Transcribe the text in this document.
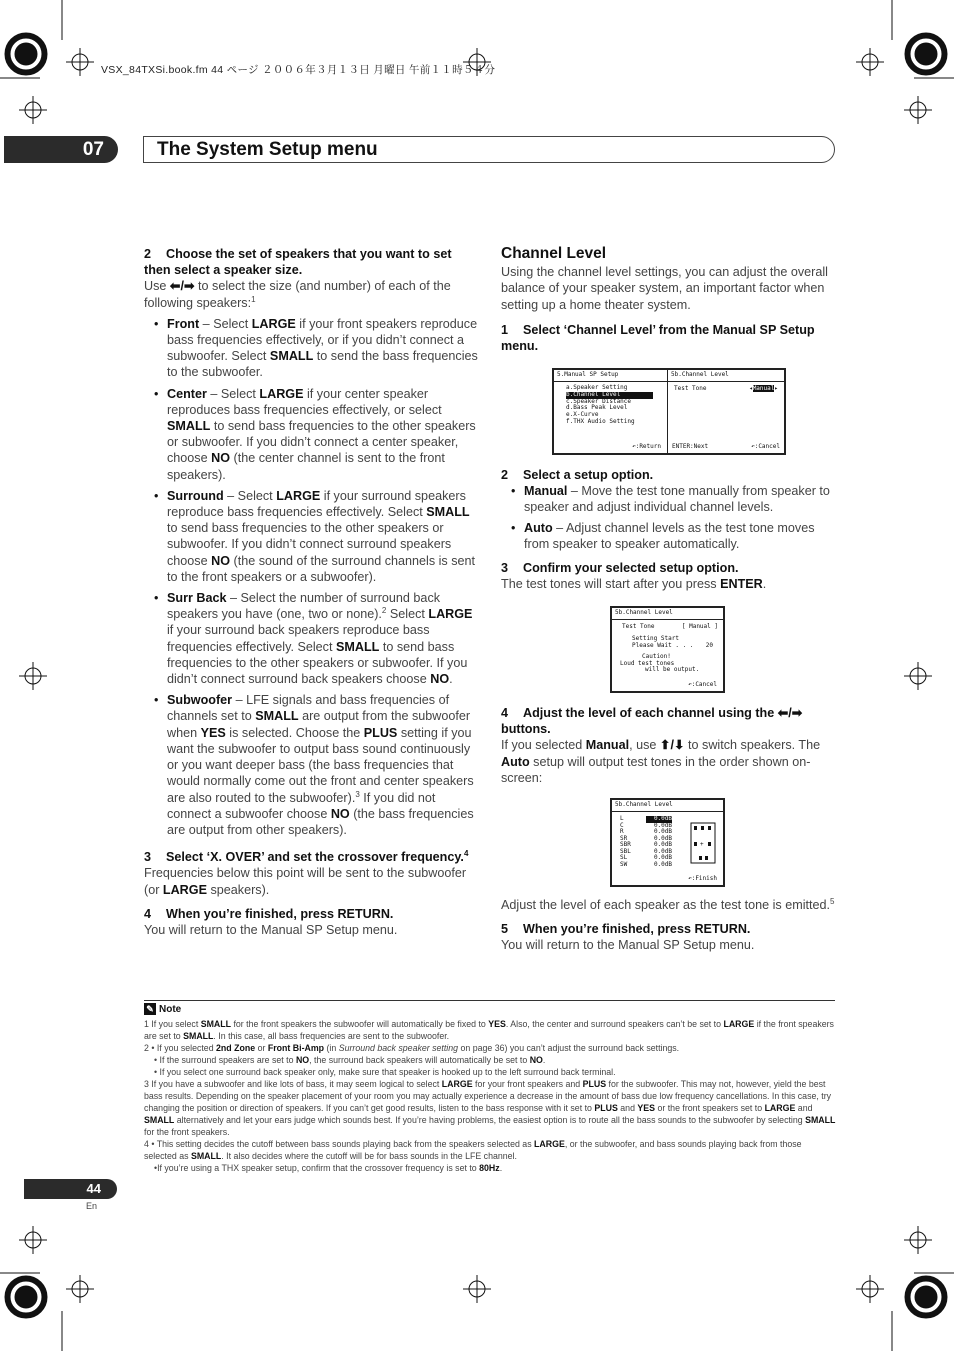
VSX_84TXSi.book.fm 44 ページ ２００６年３月１３日 月曜日 午前１１時５４分
07	The System Setup menu

2 Choose the set of speakers that you want to set then select a speaker size.

Use ⬅/➡ to select the size (and number) of each of the following speakers:$^1$

• Front – Select LARGE if your front speakers reproduce bass frequencies effectively, or if you didn’t connect a subwoofer. Select SMALL to send the bass frequencies to the subwoofer.
• Center – Select LARGE if your center speaker reproduces bass frequencies effectively, or select SMALL to send bass frequencies to the other speakers or subwoofer. If you didn’t connect a center speaker, choose NO (the center channel is sent to the front speakers).
• Surround – Select LARGE if your surround speakers reproduce bass frequencies effectively. Select SMALL to send bass frequencies to the other speakers or subwoofer. If you didn’t connect surround speakers choose NO (the sound of the surround channels is sent to the front speakers or a subwoofer).
• Surr Back – Select the number of surround back speakers you have (one, two or none).$^2$ Select LARGE if your surround back speakers reproduce bass frequencies effectively. Select SMALL to send bass frequencies to the other speakers or subwoofer. If you didn’t connect surround back speakers choose NO.
• Subwoofer – LFE signals and bass frequencies of channels set to SMALL are output from the subwoofer when YES is selected. Choose the PLUS setting if you want the subwoofer to output bass sound continuously or you want deeper bass (the bass frequencies that would normally come out the front and center speakers are also routed to the subwoofer).$^3$ If you did not connect a subwoofer choose NO (the bass frequencies are output from other speakers).

3 Select ‘X. OVER’ and set the crossover frequency.$^4$

Frequencies below this point will be sent to the subwoofer (or LARGE speakers).

4 When you’re finished, press RETURN.

You will return to the Manual SP Setup menu.

Channel Level

Using the channel level settings, you can adjust the overall balance of your speaker system, an important factor when setting up a home theater system.

1 Select ‘Channel Level’ from the Manual SP Setup menu.

5.Manual SP Setup
a.Speaker Setting
b.Channel Level
c.Speaker Distance
d.Bass Peak Level
e.X-Curve
f.THX Audio Setting
↶:Return
5b.Channel Level
Test Tone	◂Manual▸
ENTER:Next	↶:Cancel

2 Select a setup option.

• Manual – Move the test tone manually from speaker to speaker and adjust individual channel levels.
• Auto – Adjust channel levels as the test tone moves from speaker to speaker automatically.

3 Confirm your selected setup option.

The test tones will start after you press ENTER.

5b.Channel Level
Test Tone	[ Manual ]
Setting Start
Please Wait . . . 20
Caution!
Loud test tones
will be output.
↶:Cancel

4 Adjust the level of each channel using the ⬅/➡ buttons.

If you selected Manual, use ⬆/⬇ to switch speakers. The Auto setup will output test tones in the order shown on-screen:

5b.Channel Level
L	0.0dB
C	0.0dB
R	0.0dB
SR	0.0dB
SBR	0.0dB
SBL	0.0dB
SL	0.0dB
SW	0.0dB
+
↶:Finish

Adjust the level of each speaker as the test tone is emitted.$^5$

5 When you’re finished, press RETURN.

You will return to the Manual SP Setup menu.

✎ Note
1 If you select SMALL for the front speakers the subwoofer will automatically be fixed to YES. Also, the center and surround speakers can’t be set to LARGE if the front speakers are set to SMALL. In this case, all bass frequencies are sent to the subwoofer.
2 • If you selected 2nd Zone or Front Bi-Amp (in Surround back speaker setting on page 36) you can’t adjust the surround back settings.
• If the surround speakers are set to NO, the surround back speakers will automatically be set to NO.
• If you select one surround back speaker only, make sure that speaker is hooked up to the left surround back terminal.
3 If you have a subwoofer and like lots of bass, it may seem logical to select LARGE for your front speakers and PLUS for the subwoofer. This may not, however, yield the best bass results. Depending on the speaker placement of your room you may actually experience a decrease in the amount of bass due low frequency cancellations. In this case, try changing the position or direction of speakers. If you can’t get good results, listen to the bass response with it set to PLUS and YES or the front speakers set to LARGE and SMALL alternatively and let your ears judge which sounds best. If you’re having problems, the easiest option is to route all the bass sounds to the subwoofer by selecting SMALL for the front speakers.
4 • This setting decides the cutoff between bass sounds playing back from the speakers selected as LARGE, or the subwoofer, and bass sounds playing back from those selected as SMALL. It also decides where the cutoff will be for bass sounds in the LFE channel.
•If you’re using a THX speaker setup, confirm that the crossover frequency is set to 80Hz.
44
En
